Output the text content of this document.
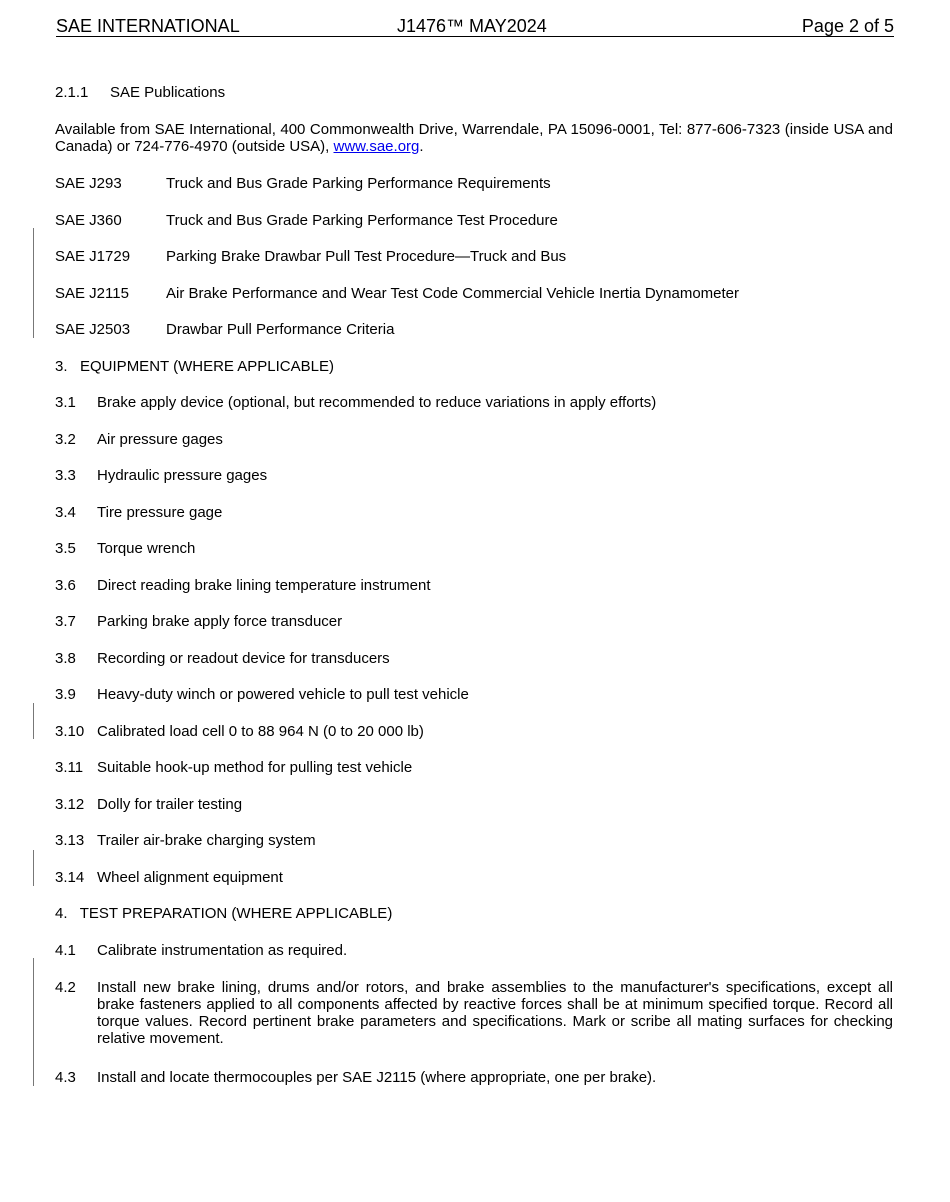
SAE INTERNATIONAL	J1476™ MAY2024	Page 2 of 5
2.1.1 SAE Publications
Available from SAE International, 400 Commonwealth Drive, Warrendale, PA 15096-0001, Tel: 877-606-7323 (inside USA and Canada) or 724-776-4970 (outside USA), www.sae.org.
SAE J293	Truck and Bus Grade Parking Performance Requirements
SAE J360	Truck and Bus Grade Parking Performance Test Procedure
SAE J1729 Parking Brake Drawbar Pull Test Procedure—Truck and Bus
SAE J2115 Air Brake Performance and Wear Test Code Commercial Vehicle Inertia Dynamometer
SAE J2503 Drawbar Pull Performance Criteria
3.   EQUIPMENT (WHERE APPLICABLE)
3.1 Brake apply device (optional, but recommended to reduce variations in apply efforts)
3.2 Air pressure gages
3.3 Hydraulic pressure gages
3.4 Tire pressure gage
3.5 Torque wrench
3.6 Direct reading brake lining temperature instrument
3.7 Parking brake apply force transducer
3.8 Recording or readout device for transducers
3.9 Heavy-duty winch or powered vehicle to pull test vehicle
3.10 Calibrated load cell 0 to 88 964 N (0 to 20 000 lb)
3.11 Suitable hook-up method for pulling test vehicle
3.12 Dolly for trailer testing
3.13 Trailer air-brake charging system
3.14 Wheel alignment equipment
4.   TEST PREPARATION (WHERE APPLICABLE)
4.1 Calibrate instrumentation as required.
4.2 Install new brake lining, drums and/or rotors, and brake assemblies to the manufacturer's specifications, except all brake fasteners applied to all components affected by reactive forces shall be at minimum specified torque. Record all torque values. Record pertinent brake parameters and specifications. Mark or scribe all mating surfaces for checking relative movement.
4.3 Install and locate thermocouples per SAE J2115 (where appropriate, one per brake).
